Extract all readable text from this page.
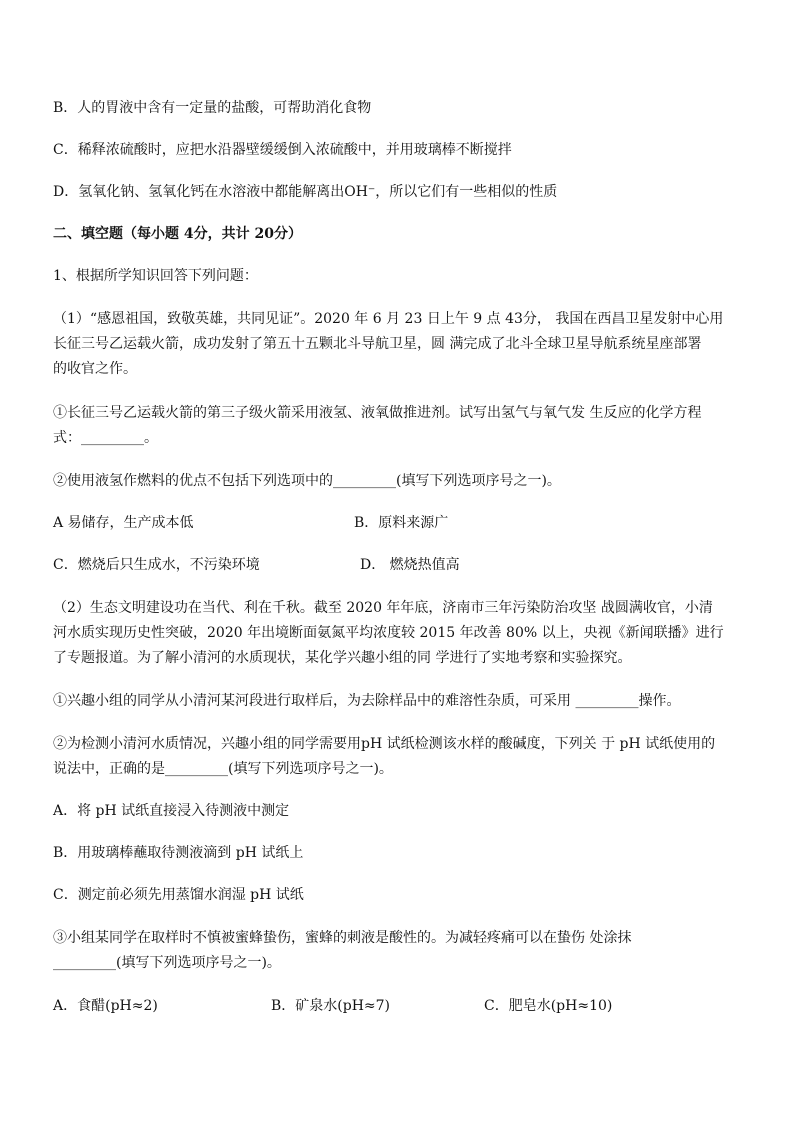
B．人的胃液中含有一定量的盐酸，可帮助消化食物
C．稀释浓硫酸时，应把水沿器壁缓缓倒入浓硫酸中，并用玻璃棒不断搅拌
D．氢氧化钠、氢氧化钙在水溶液中都能解离出OH⁻，所以它们有一些相似的性质
二、填空题（每小题 4分，共计 20分）
1、根据所学知识回答下列问题：
（1）“感恩祖国，致敬英雄，共同见证”。2020 年 6 月 23 日上午 9 点 43分， 我国在西昌卫星发射中心用
长征三号乙运载火箭，成功发射了第五十五颗北斗导航卫星，圆 满完成了北斗全球卫星导航系统星座部署
的收官之作。
①长征三号乙运载火箭的第三子级火箭采用液氢、液氧做推进剂。试写出氢气与氧气发 生反应的化学方程
式：_________。
②使用液氢作燃料的优点不包括下列选项中的_________(填写下列选项序号之一)。
A 易储存，生产成本低	B．原料来源广
C．燃烧后只生成水，不污染环境	D． 燃烧热值高
（2）生态文明建设功在当代、利在千秋。截至 2020 年年底，济南市三年污染防治攻坚 战圆满收官，小清
河水质实现历史性突破，2020 年出境断面氨氮平均浓度较 2015 年改善 80% 以上，央视《新闻联播》进行
了专题报道。为了解小清河的水质现状，某化学兴趣小组的同 学进行了实地考察和实验探究。
①兴趣小组的同学从小清河某河段进行取样后，为去除样品中的难溶性杂质，可采用 _________操作。
②为检测小清河水质情况，兴趣小组的同学需要用pH 试纸检测该水样的酸碱度，下列关 于 pH 试纸使用的
说法中，正确的是_________(填写下列选项序号之一)。
A．将 pH 试纸直接浸入待测液中测定
B．用玻璃棒蘸取待测液滴到 pH 试纸上
C．测定前必须先用蒸馏水润湿 pH 试纸
③小组某同学在取样时不慎被蜜蜂蛰伤，蜜蜂的刺液是酸性的。为减轻疼痛可以在蛰伤 处涂抹
_________(填写下列选项序号之一)。
A．食醋(pH≈2)	B．矿泉水(pH≈7)	C．肥皂水(pH≈10)
